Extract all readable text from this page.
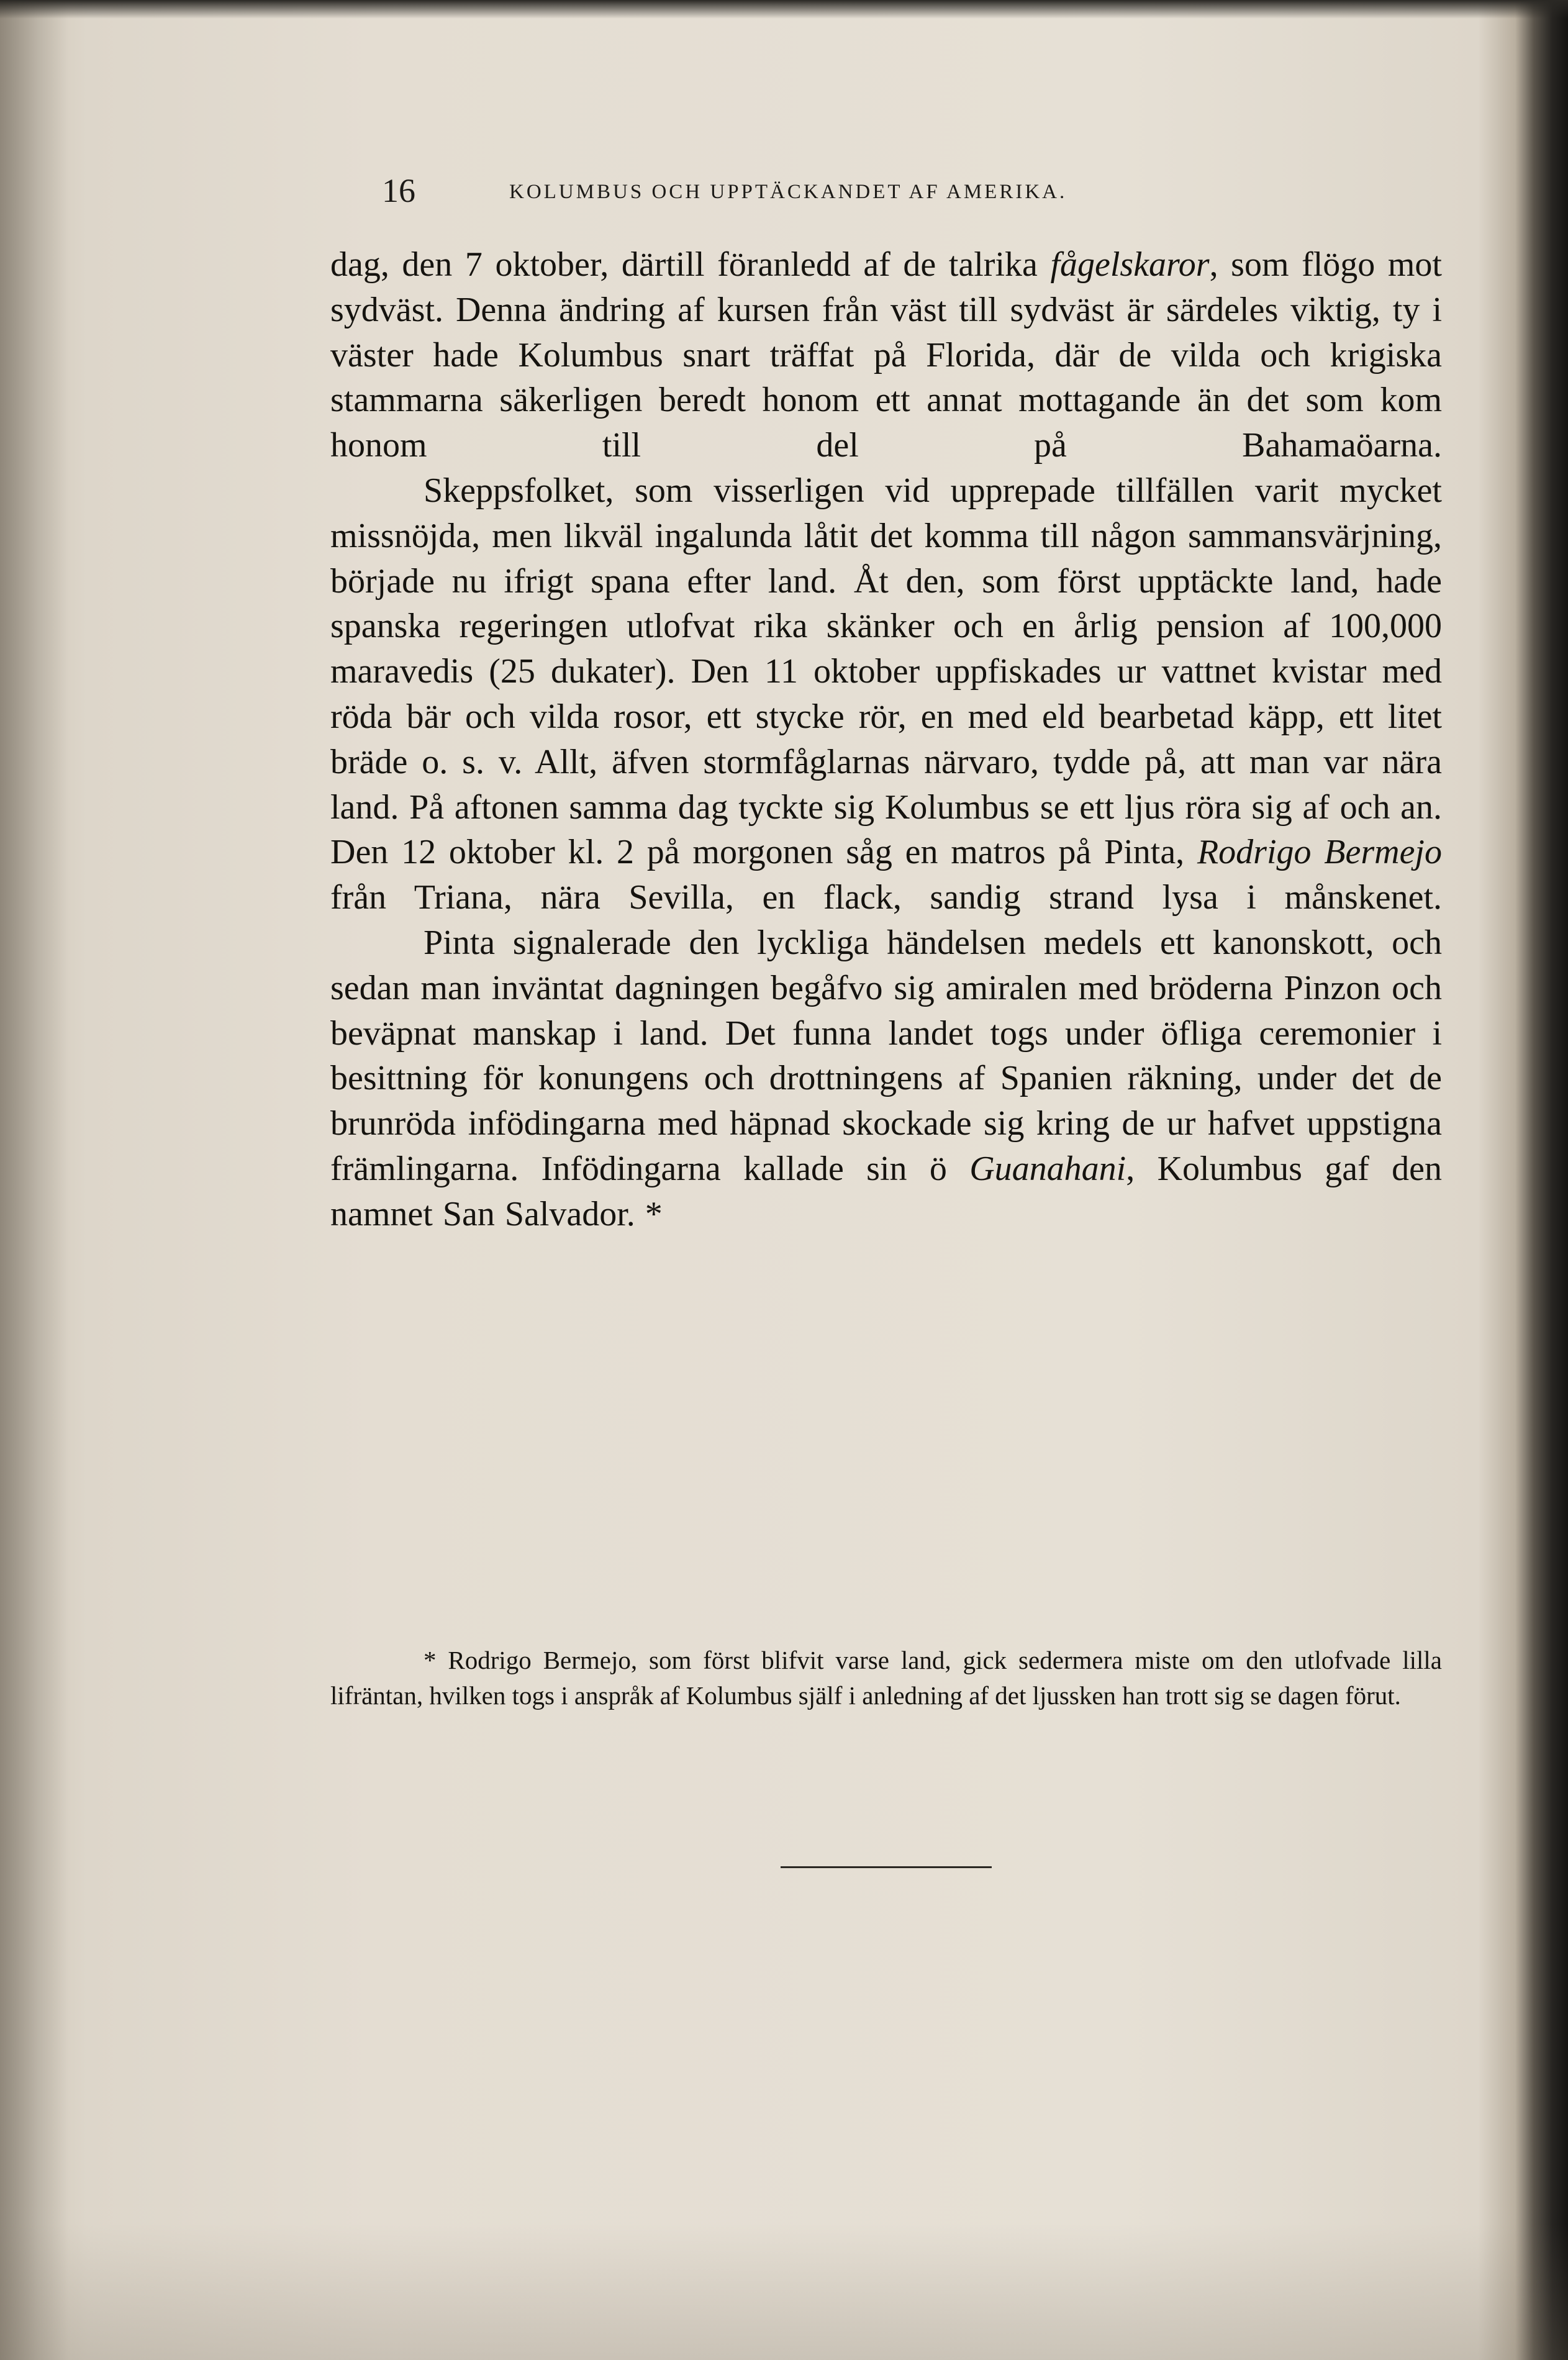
16	KOLUMBUS OCH UPPTÄCKANDET AF AMERIKA.

dag, den 7 oktober, därtill föranledd af de talrika fågelskaror, som flögo mot sydväst. Denna ändring af kursen från väst till sydväst är särdeles viktig, ty i väster hade Kolumbus snart träffat på Florida, där de vilda och krigiska stammarna säkerligen beredt honom ett annat mottagande än det som kom honom till del på Bahamaöarna.

Skeppsfolket, som visserligen vid upprepade tillfällen varit mycket missnöjda, men likväl ingalunda låtit det komma till någon sammansvärjning, började nu ifrigt spana efter land. Åt den, som först upptäckte land, hade spanska regeringen utlofvat rika skänker och en årlig pension af 100,000 maravedis (25 dukater). Den 11 oktober uppfiskades ur vattnet kvistar med röda bär och vilda rosor, ett stycke rör, en med eld bearbetad käpp, ett litet bräde o. s. v. Allt, äfven stormfåglarnas närvaro, tydde på, att man var nära land. På aftonen samma dag tyckte sig Kolumbus se ett ljus röra sig af och an. Den 12 oktober kl. 2 på morgonen såg en matros på Pinta, Rodrigo Bermejo från Triana, nära Sevilla, en flack, sandig strand lysa i månskenet.

Pinta signalerade den lyckliga händelsen medels ett kanonskott, och sedan man inväntat dagningen begåfvo sig amiralen med bröderna Pinzon och beväpnat manskap i land. Det funna landet togs under öfliga ceremonier i besittning för konungens och drottningens af Spanien räkning, under det de brunröda infödingarna med häpnad skockade sig kring de ur hafvet uppstigna främlingarna. Infödingarna kallade sin ö Guanahani, Kolumbus gaf den namnet San Salvador. *

* Rodrigo Bermejo, som först blifvit varse land, gick sedermera miste om den utlofvade lilla lifräntan, hvilken togs i anspråk af Kolumbus själf i anledning af det ljussken han trott sig se dagen förut.
